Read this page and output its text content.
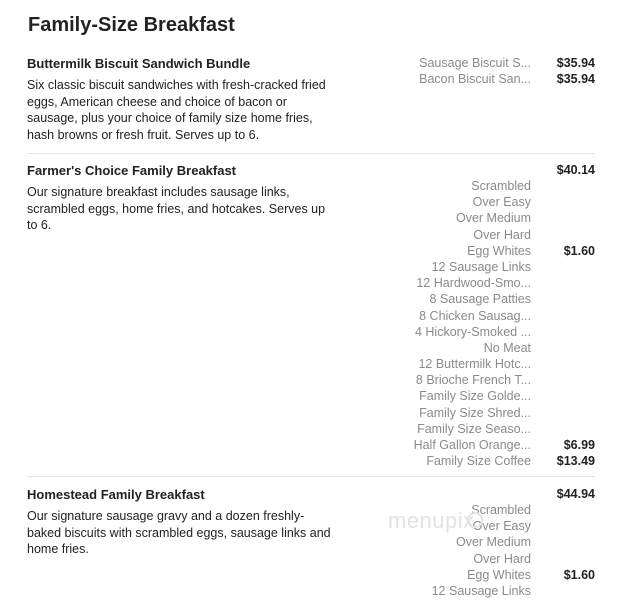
Family-Size Breakfast
Buttermilk Biscuit Sandwich Bundle
Six classic biscuit sandwiches with fresh-cracked fried eggs, American cheese and choice of bacon or sausage, plus your choice of family size home fries, hash browns or fresh fruit. Serves up to 6.
Sausage Biscuit S... $35.94
Bacon Biscuit San... $35.94
Farmer's Choice Family Breakfast	$40.14
Our signature breakfast includes sausage links, scrambled eggs, home fries, and hotcakes. Serves up to 6.
Scrambled
Over Easy
Over Medium
Over Hard
Egg Whites	$1.60
12 Sausage Links
12 Hardwood-Smo...
8 Sausage Patties
8 Chicken Sausag...
4 Hickory-Smoked ...
No Meat
12 Buttermilk Hotc...
8 Brioche French T...
Family Size Golde...
Family Size Shred...
Family Size Seaso...
Half Gallon Orange...	$6.99
Family Size Coffee $13.49
Homestead Family Breakfast	$44.94
Our signature sausage gravy and a dozen freshly-baked biscuits with scrambled eggs, sausage links and home fries.
Scrambled
Over Easy
Over Medium
Over Hard
Egg Whites	$1.60
12 Sausage Links
menupix
